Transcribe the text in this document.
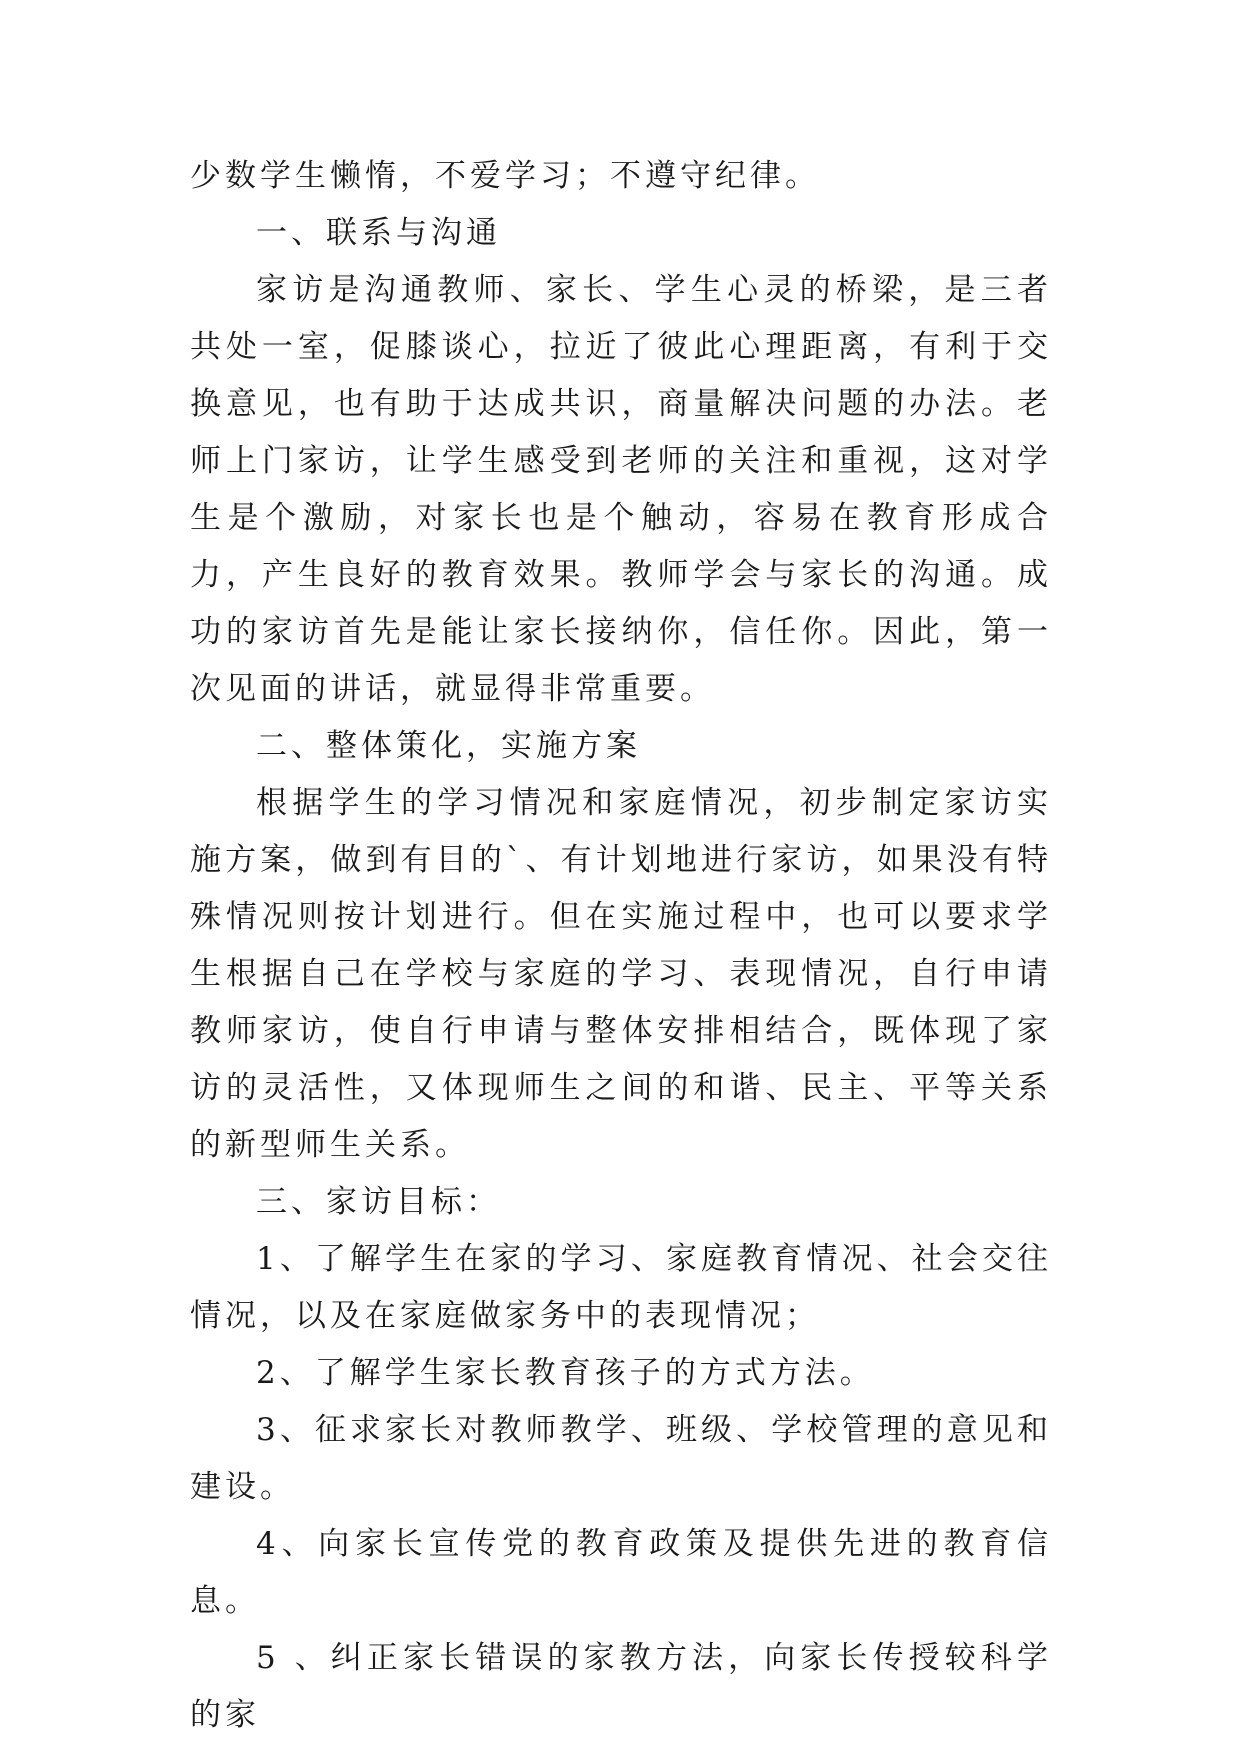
少数学生懒惰，不爱学习；不遵守纪律。

一、联系与沟通

家访是沟通教师、家长、学生心灵的桥梁，是三者共处一室，促膝谈心，拉近了彼此心理距离，有利于交换意见，也有助于达成共识，商量解决问题的办法。老师上门家访，让学生感受到老师的关注和重视，这对学生是个激励，对家长也是个触动，容易在教育形成合力，产生良好的教育效果。教师学会与家长的沟通。成功的家访首先是能让家长接纳你，信任你。因此，第一次见面的讲话，就显得非常重要。

二、整体策化，实施方案

根据学生的学习情况和家庭情况，初步制定家访实施方案，做到有目的`、有计划地进行家访，如果没有特殊情况则按计划进行。但在实施过程中，也可以要求学生根据自己在学校与家庭的学习、表现情况，自行申请教师家访，使自行申请与整体安排相结合，既体现了家访的灵活性，又体现师生之间的和谐、民主、平等关系的新型师生关系。

三、家访目标：

1、了解学生在家的学习、家庭教育情况、社会交往情况，以及在家庭做家务中的表现情况；

2、了解学生家长教育孩子的方式方法。

3、征求家长对教师教学、班级、学校管理的意见和建设。

4、向家长宣传党的教育政策及提供先进的教育信息。

5 、纠正家长错误的家教方法，向家长传授较科学的家
